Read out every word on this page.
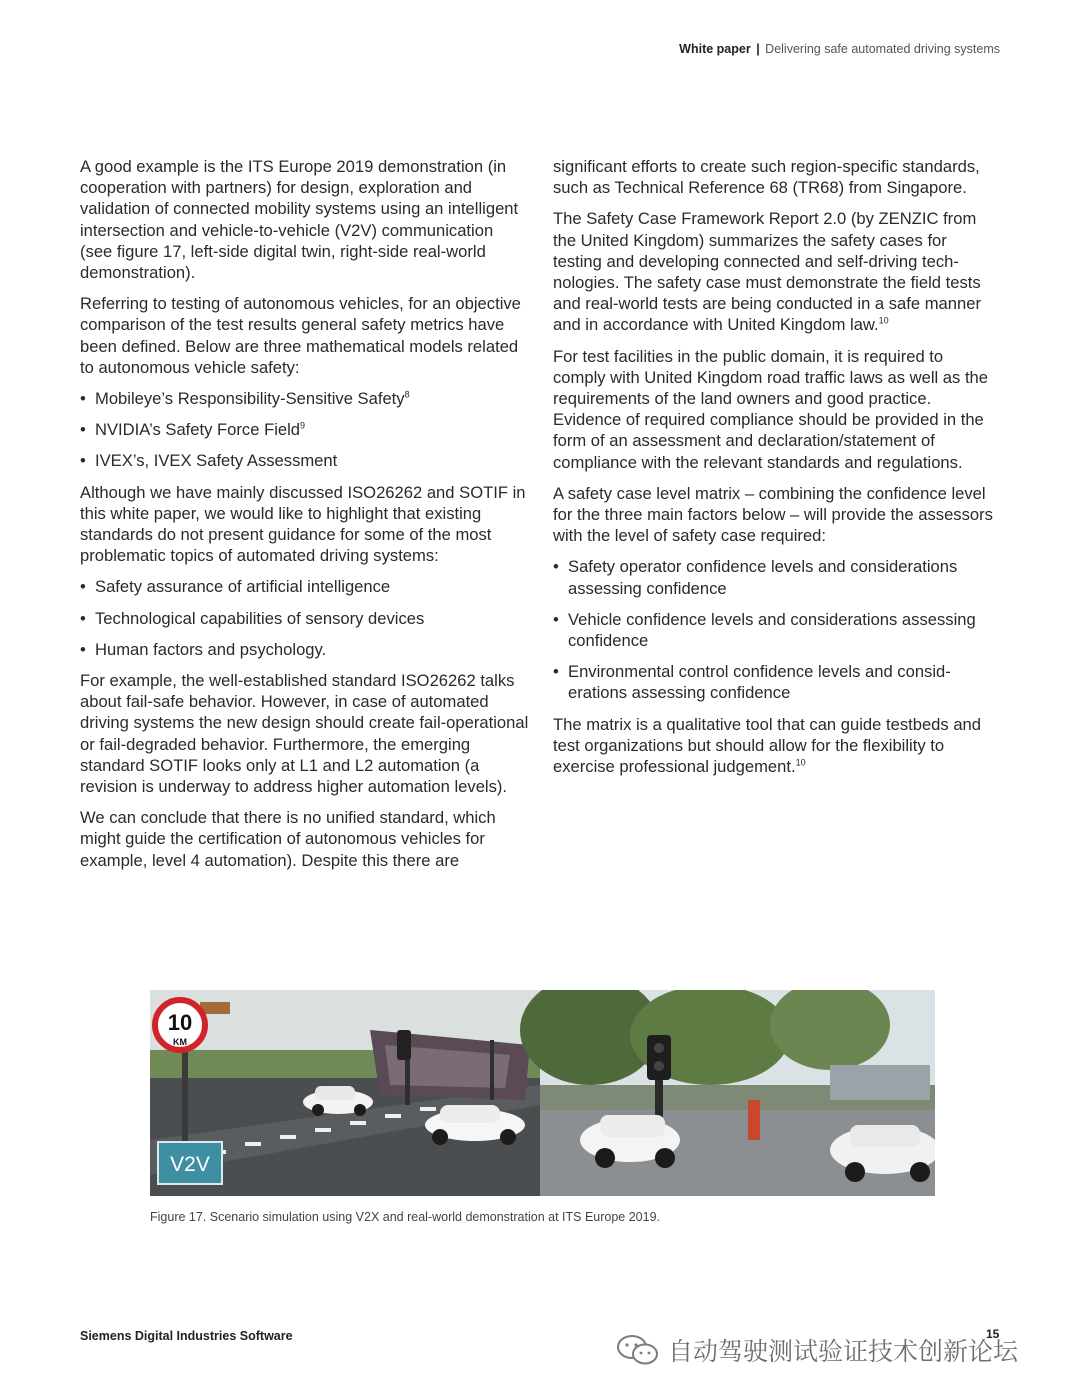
White paper | Delivering safe automated driving systems

A good example is the ITS Europe 2019 demonstration (in cooperation with partners) for design, exploration and validation of connected mobility systems using an intelligent intersection and vehicle-to-vehicle (V2V) communication (see figure 17, left-side digital twin, right-side real-world demonstration).

Referring to testing of autonomous vehicles, for an objective comparison of the test results general safety metrics have been defined. Below are three mathematical models related to autonomous vehicle safety:

• Mobileye’s Responsibility-Sensitive Safety$^8$
• NVIDIA’s Safety Force Field$^9$
• IVEX’s, IVEX Safety Assessment

Although we have mainly discussed ISO26262 and SOTIF in this white paper, we would like to highlight that existing standards do not present guidance for some of the most problematic topics of automated driving systems:

• Safety assurance of artificial intelligence
• Technological capabilities of sensory devices
• Human factors and psychology.

For example, the well-established standard ISO26262 talks about fail-safe behavior. However, in case of automated driving systems the new design should create fail-operational or fail-degraded behavior. Furthermore, the emerging standard SOTIF looks only at L1 and L2 automation (a revision is underway to address higher automation levels).

We can conclude that there is no unified standard, which might guide the certification of autonomous vehicles for example, level 4 automation). Despite this there are

significant efforts to create such region-specific standards, such as Technical Reference 68 (TR68) from Singapore.

The Safety Case Framework Report 2.0 (by ZENZIC from the United Kingdom) summarizes the safety cases for testing and developing connected and self-driving technologies. The safety case must demonstrate the field tests and real-world tests are being conducted in a safe manner and in accordance with United Kingdom law.$^{10}$

For test facilities in the public domain, it is required to comply with United Kingdom road traffic laws as well as the requirements of the land owners and good practice. Evidence of required compliance should be provided in the form of an assessment and declaration/statement of compliance with the relevant standards and regulations.

A safety case level matrix – combining the confidence level for the three main factors below – will provide the assessors with the level of safety case required:

• Safety operator confidence levels and considerations assessing confidence
• Vehicle confidence levels and considerations assessing confidence
• Environmental control confidence levels and considerations assessing confidence

The matrix is a qualitative tool that can guide testbeds and test organizations but should allow for the flexibility to exercise professional judgement.$^{10}$

10
KM
V2V
Figure 17. Scenario simulation using V2X and real-world demonstration at ITS Europe 2019.
Siemens Digital Industries Software	15
自动驾驶测试验证技术创新论坛
